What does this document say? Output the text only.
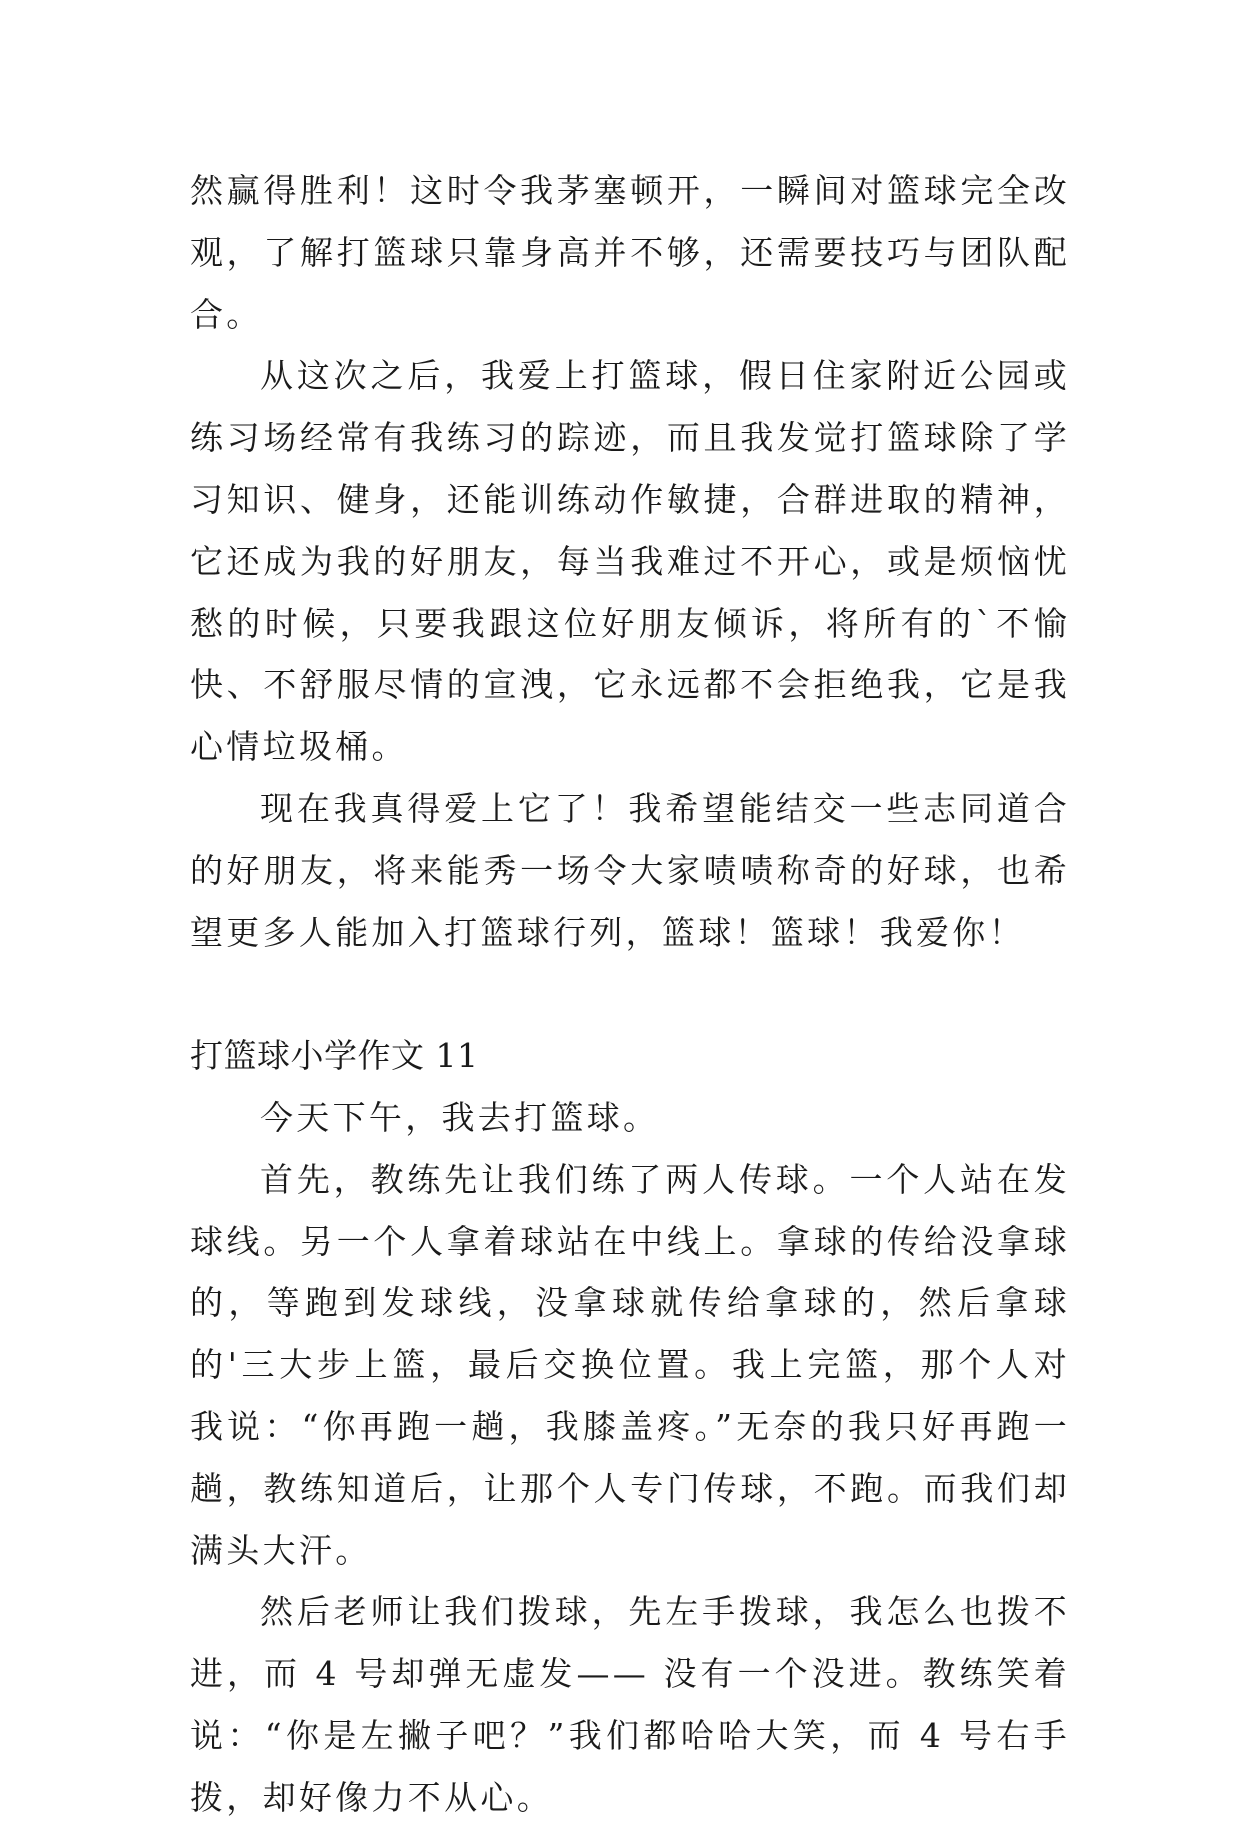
然赢得胜利！这时令我茅塞顿开，一瞬间对篮球完全改观，了解打篮球只靠身高并不够，还需要技巧与团队配合。

从这次之后，我爱上打篮球，假日住家附近公园或练习场经常有我练习的踪迹，而且我发觉打篮球除了学习知识、健身，还能训练动作敏捷，合群进取的精神，它还成为我的好朋友，每当我难过不开心，或是烦恼忧愁的时候，只要我跟这位好朋友倾诉，将所有的`不愉快、不舒服尽情的宣洩，它永远都不会拒绝我，它是我心情垃圾桶。

现在我真得爱上它了！我希望能结交一些志同道合的好朋友，将来能秀一场令大家啧啧称奇的好球，也希望更多人能加入打篮球行列，篮球！篮球！我爱你！

打篮球小学作文 11

今天下午，我去打篮球。

首先，教练先让我们练了两人传球。一个人站在发球线。另一个人拿着球站在中线上。拿球的传给没拿球的，等跑到发球线，没拿球就传给拿球的，然后拿球的'三大步上篮，最后交换位置。我上完篮，那个人对我说：“你再跑一趟，我膝盖疼。”无奈的我只好再跑一趟，教练知道后，让那个人专门传球，不跑。而我们却满头大汗。

然后老师让我们拨球，先左手拨球，我怎么也拨不进，而 4 号却弹无虚发—— 没有一个没进。教练笑着说：“你是左撇子吧？”我们都哈哈大笑，而 4 号右手拨，却好像力不从心。
